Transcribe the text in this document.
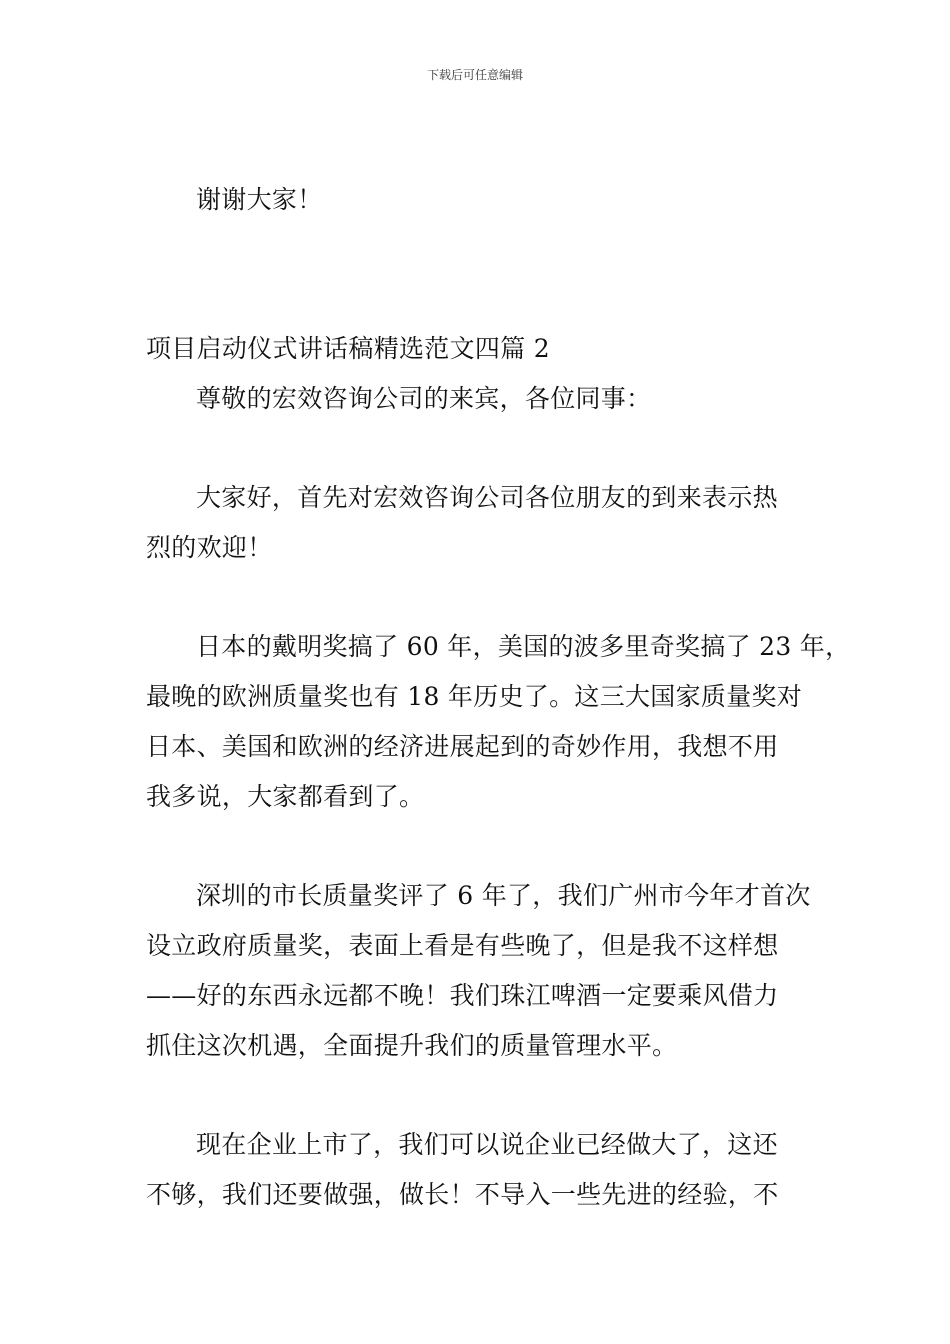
下载后可任意编辑
谢谢大家！
项目启动仪式讲话稿精选范文四篇 2
尊敬的宏效咨询公司的来宾，各位同事：
大家好，首先对宏效咨询公司各位朋友的到来表示热
烈的欢迎！
日本的戴明奖搞了 60 年，美国的波多里奇奖搞了 23 年，
最晚的欧洲质量奖也有 18 年历史了。这三大国家质量奖对
日本、美国和欧洲的经济进展起到的奇妙作用，我想不用
我多说，大家都看到了。
深圳的市长质量奖评了 6 年了，我们广州市今年才首次
设立政府质量奖，表面上看是有些晚了，但是我不这样想
——好的东西永远都不晚！我们珠江啤酒一定要乘风借力
抓住这次机遇，全面提升我们的质量管理水平。
现在企业上市了，我们可以说企业已经做大了，这还
不够，我们还要做强，做长！不导入一些先进的经验，不
